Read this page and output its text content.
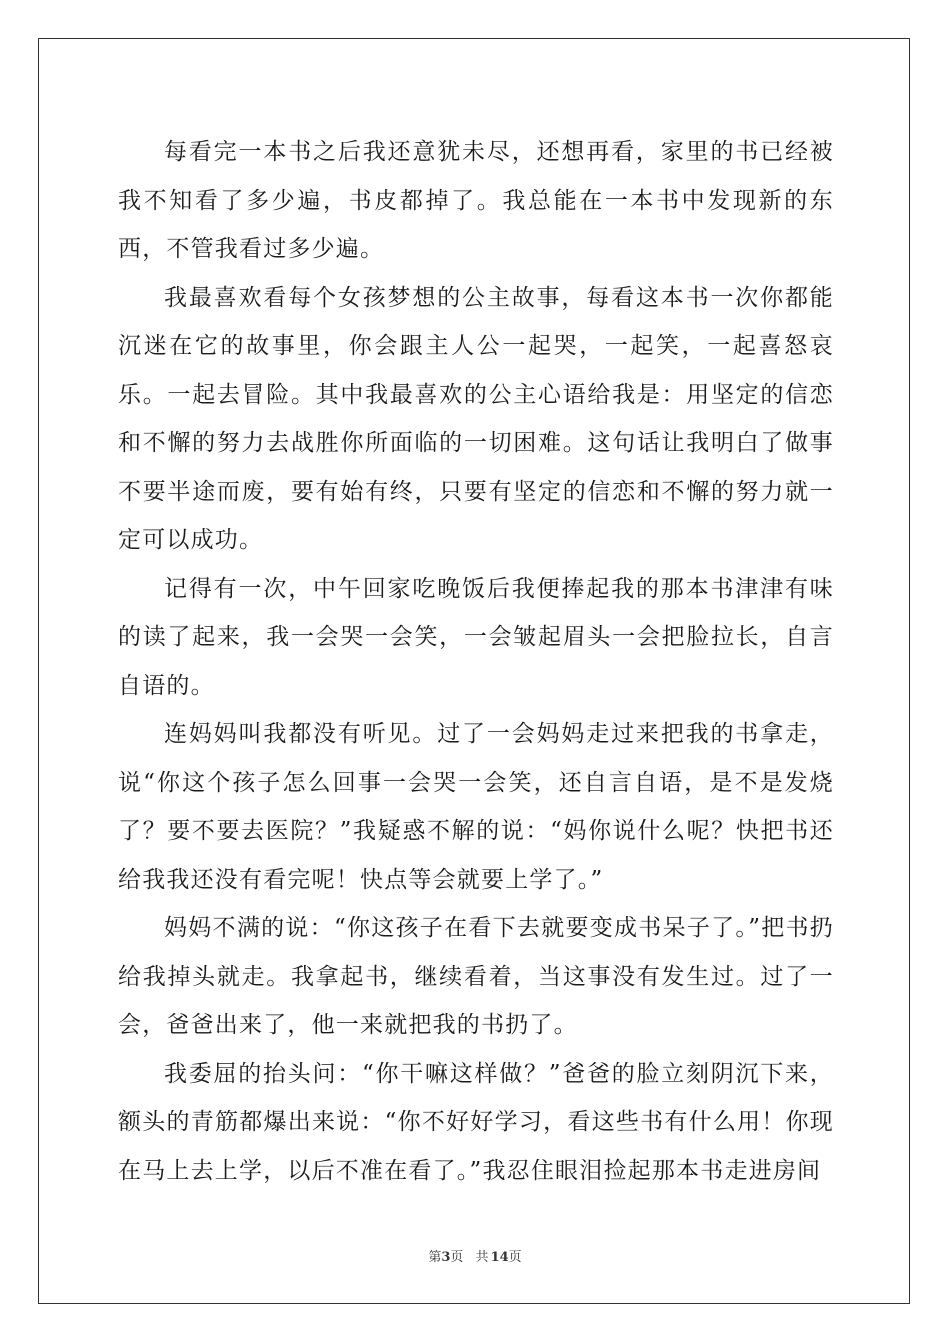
每看完一本书之后我还意犹未尽，还想再看，家里的书已经被我不知看了多少遍，书皮都掉了。我总能在一本书中发现新的东西，不管我看过多少遍。

我最喜欢看每个女孩梦想的公主故事，每看这本书一次你都能沉迷在它的故事里，你会跟主人公一起哭，一起笑，一起喜怒哀乐。一起去冒险。其中我最喜欢的公主心语给我是：用坚定的信恋和不懈的努力去战胜你所面临的一切困难。这句话让我明白了做事不要半途而废，要有始有终，只要有坚定的信恋和不懈的努力就一定可以成功。

记得有一次，中午回家吃晚饭后我便捧起我的那本书津津有味的读了起来，我一会哭一会笑，一会皱起眉头一会把脸拉长，自言自语的。

连妈妈叫我都没有听见。过了一会妈妈走过来把我的书拿走，说“你这个孩子怎么回事一会哭一会笑，还自言自语，是不是发烧了？要不要去医院？”我疑惑不解的说：“妈你说什么呢？快把书还给我我还没有看完呢！快点等会就要上学了。”

妈妈不满的说：“你这孩子在看下去就要变成书呆子了。”把书扔给我掉头就走。我拿起书，继续看着，当这事没有发生过。过了一会，爸爸出来了，他一来就把我的书扔了。

我委屈的抬头问：“你干嘛这样做？”爸爸的脸立刻阴沉下来，额头的青筋都爆出来说：“你不好好学习，看这些书有什么用！你现在马上去上学，以后不准在看了。”我忍住眼泪捡起那本书走进房间

第3页 共 14页
